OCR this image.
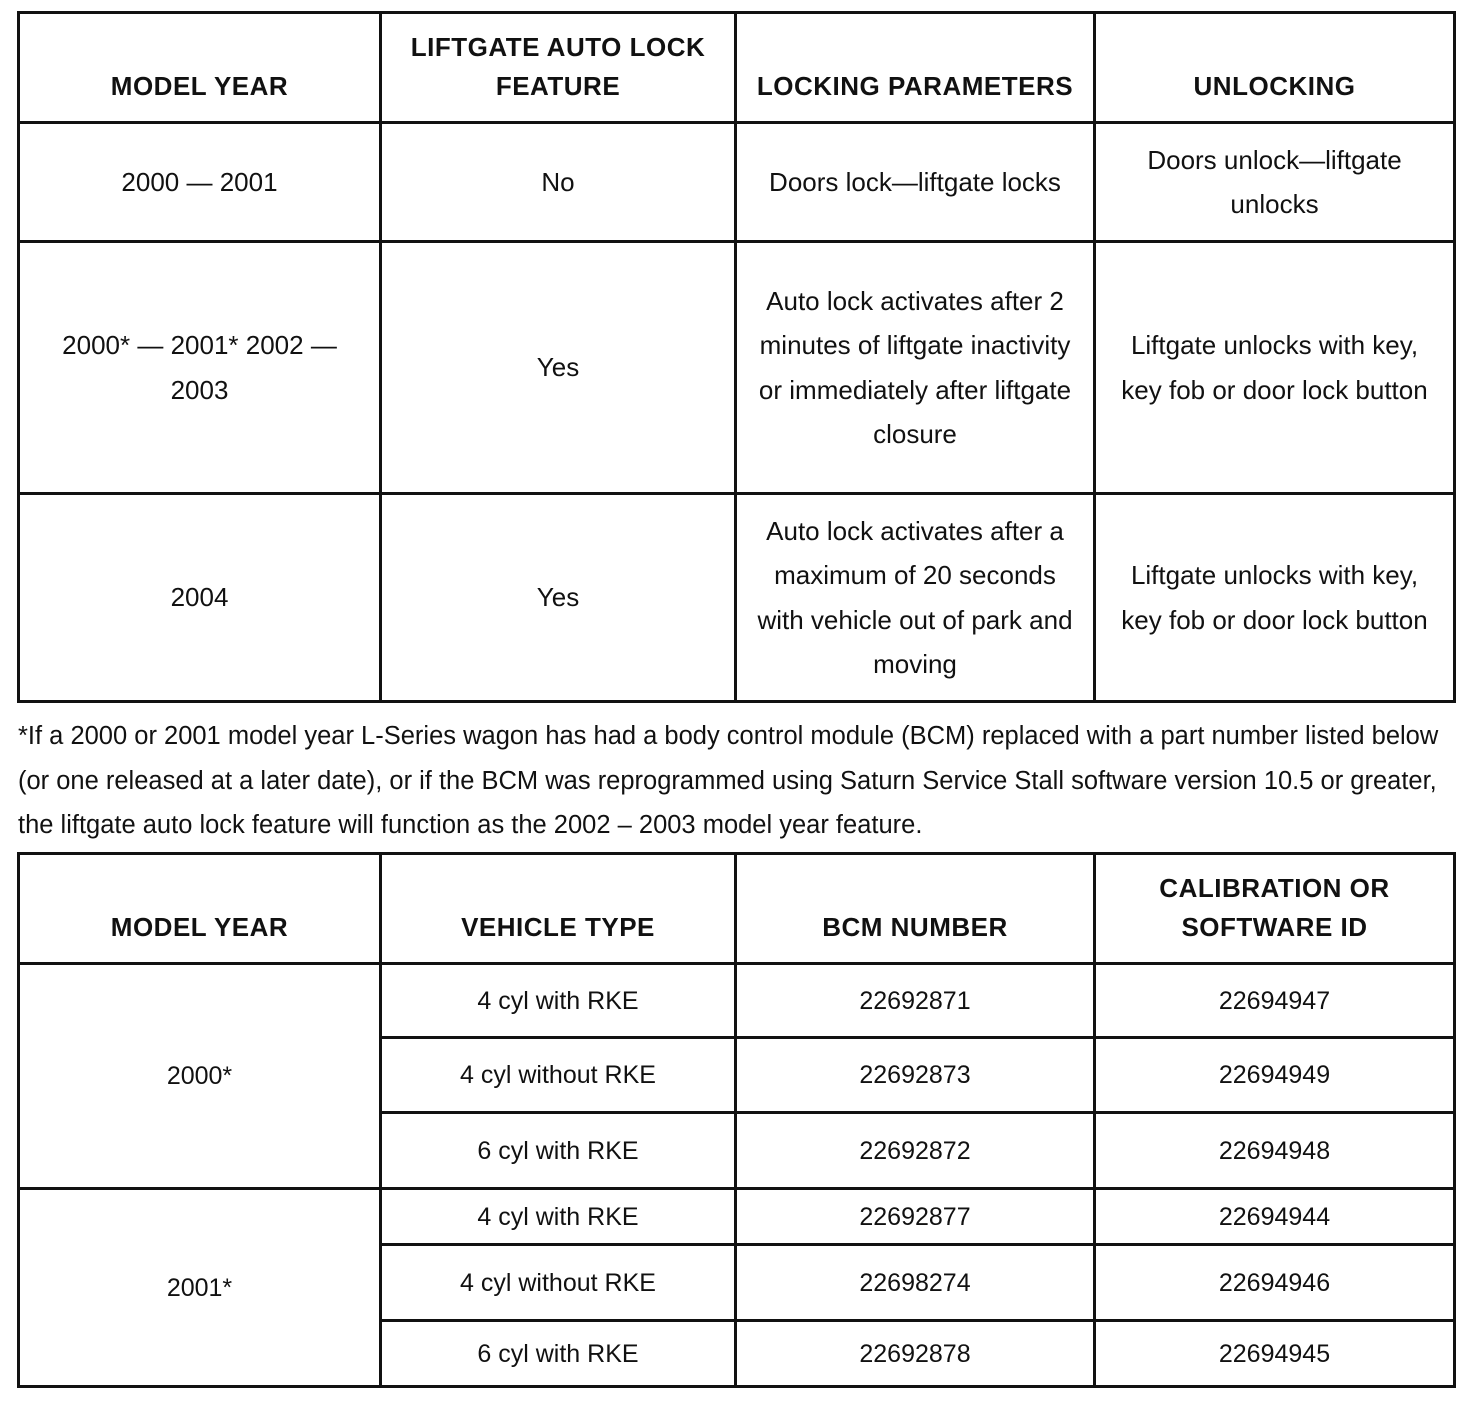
MODEL YEAR	LIFTGATE AUTO LOCK FEATURE	LOCKING PARAMETERS	UNLOCKING
2000 — 2001	No	Doors lock—liftgate locks	Doors unlock—liftgate unlocks
2000* — 2001* 2002 — 2003	Yes	Auto lock activates after 2 minutes of liftgate inactivity or immediately after liftgate closure	Liftgate unlocks with key, key fob or door lock button
2004	Yes	Auto lock activates after a maximum of 20 seconds with vehicle out of park and moving	Liftgate unlocks with key, key fob or door lock button

*If a 2000 or 2001 model year L-Series wagon has had a body control module (BCM) replaced with a part number listed below (or one released at a later date), or if the BCM was reprogrammed using Saturn Service Stall software version 10.5 or greater, the liftgate auto lock feature will function as the 2002 – 2003 model year feature.

MODEL YEAR	VEHICLE TYPE	BCM NUMBER	CALIBRATION OR SOFTWARE ID
2000*	4 cyl with RKE	22692871	22694947
	4 cyl without RKE	22692873	22694949
	6 cyl with RKE	22692872	22694948
2001*	4 cyl with RKE	22692877	22694944
	4 cyl without RKE	22698274	22694946
	6 cyl with RKE	22692878	22694945
